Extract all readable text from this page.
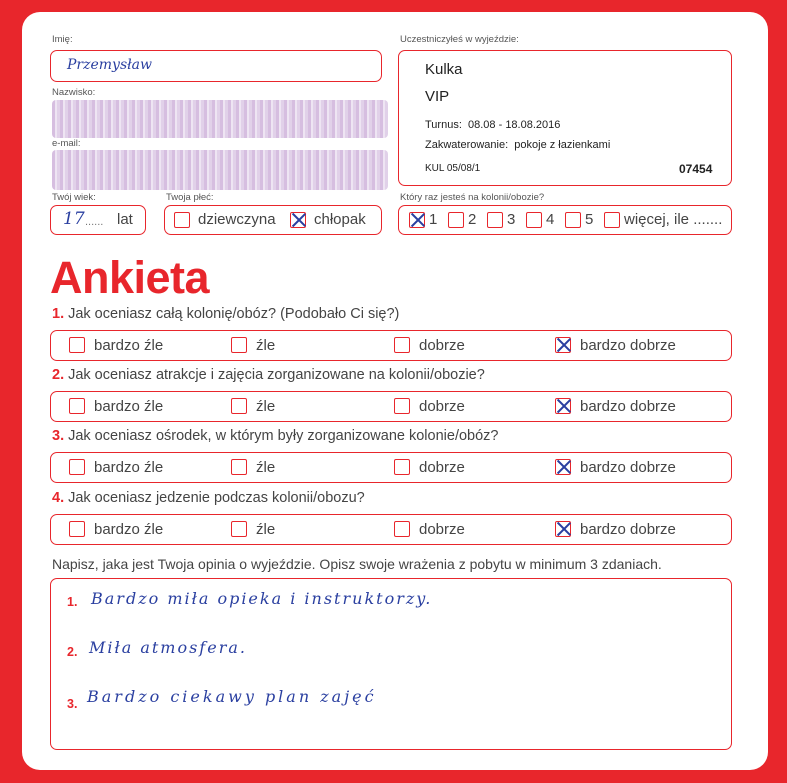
Imię:
Przemysław
Nazwisko:
e-mail:
Uczestniczyłeś w wyjeździe:
Kulka
VIP
Turnus: 08.08 - 18.08.2016
Zakwaterowanie: pokoje z łazienkami
KUL 05/08/1	07454
Twój wiek:
17 ...... lat
Twoja płeć:
dziewczyna	chłopak
Który raz jesteś na kolonii/obozie?
1 2 3 4 5 więcej, ile .......
Ankieta
1. Jak oceniasz całą kolonię/obóz? (Podobało Ci się?)
bardzo źle	źle	dobrze	bardzo dobrze
2. Jak oceniasz atrakcje i zajęcia zorganizowane na kolonii/obozie?
bardzo źle	źle	dobrze	bardzo dobrze
3. Jak oceniasz ośrodek, w którym były zorganizowane kolonie/obóz?
bardzo źle	źle	dobrze	bardzo dobrze
4. Jak oceniasz jedzenie podczas kolonii/obozu?
bardzo źle	źle	dobrze	bardzo dobrze
Napisz, jaka jest Twoja opinia o wyjeździe. Opisz swoje wrażenia z pobytu w minimum 3 zdaniach.
1. Bardzo miła opieka i instruktorzy.
2. Miła atmosfera.
3. Bardzo ciekawy plan zajęć
